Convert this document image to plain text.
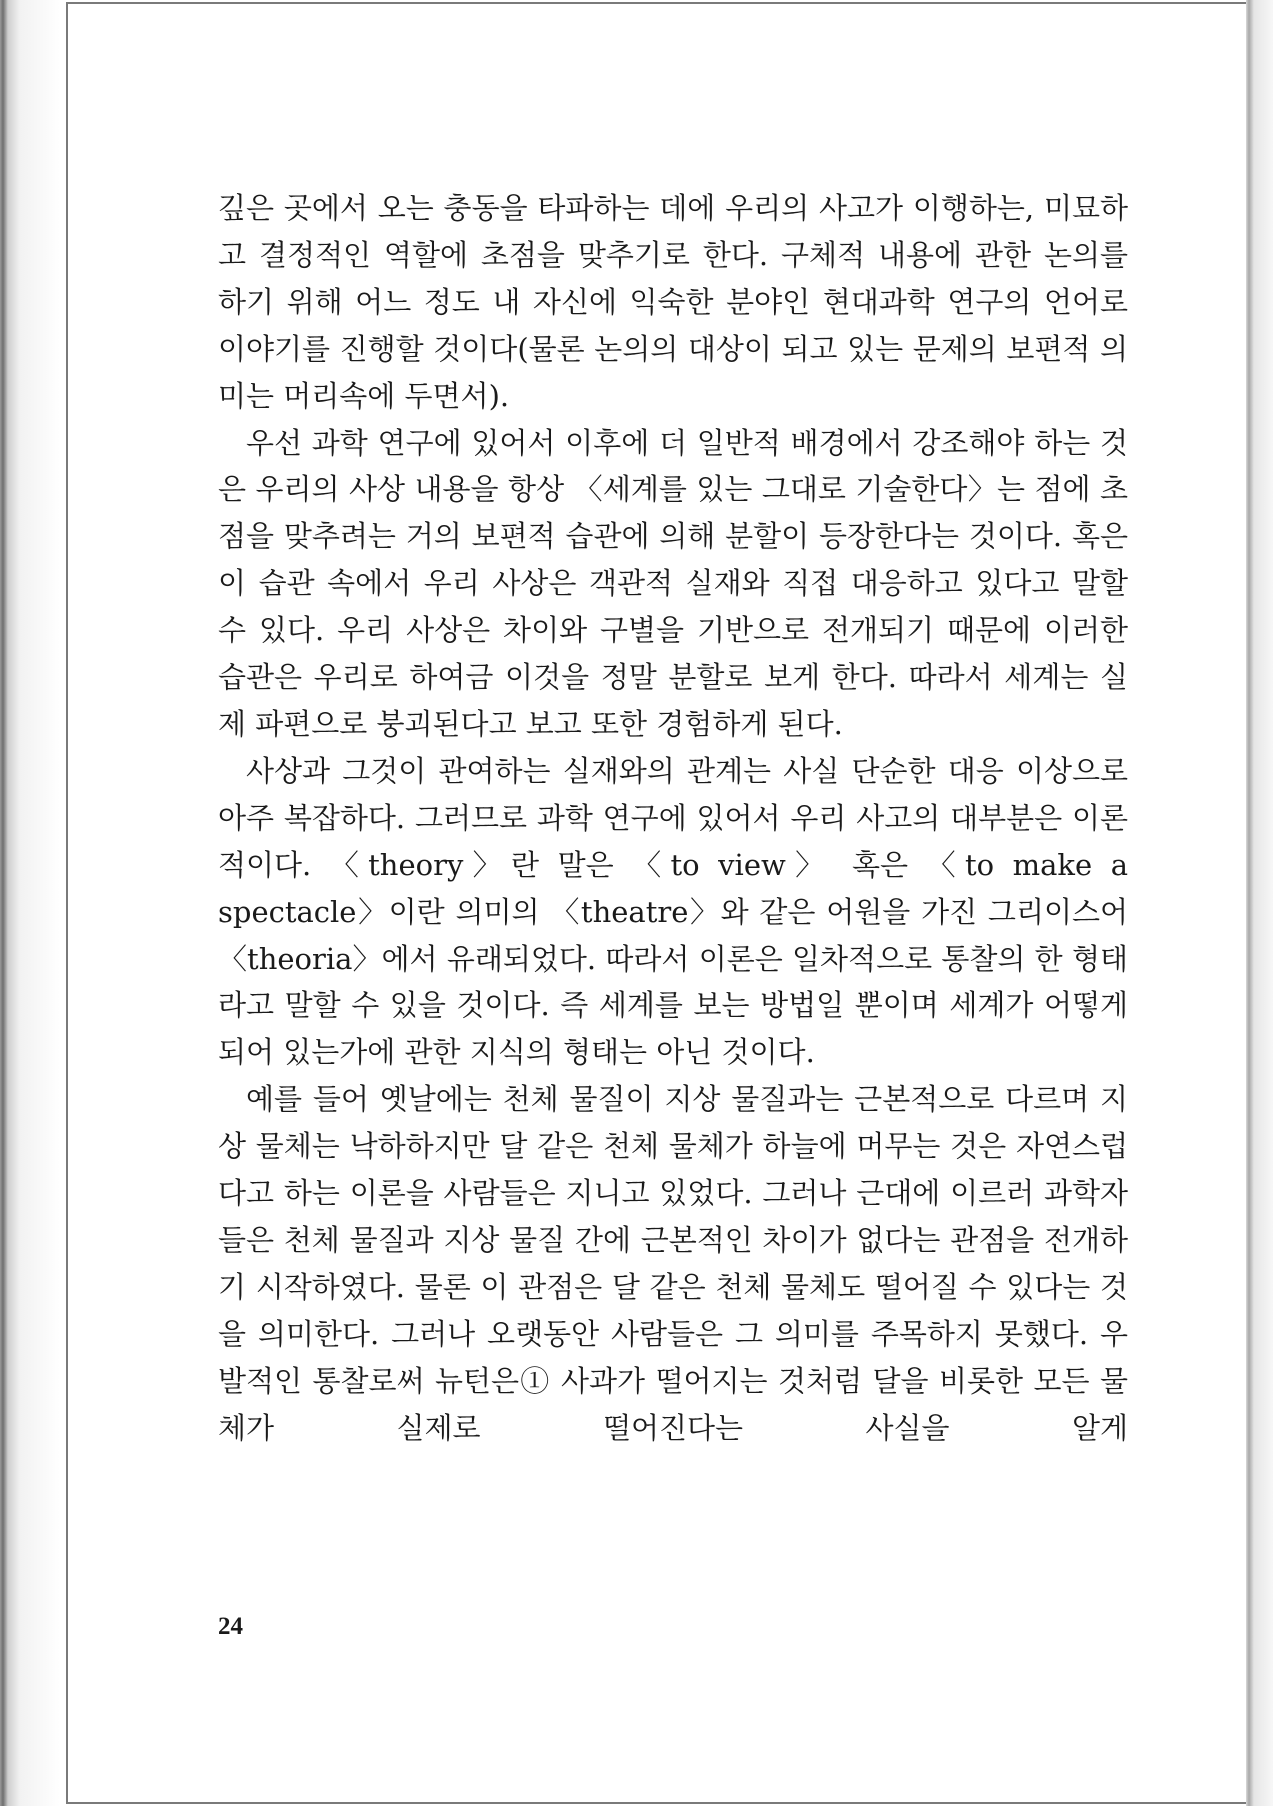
깊은 곳에서 오는 충동을 타파하는 데에 우리의 사고가 이행하는, 미묘하고 결정적인 역할에 초점을 맞추기로 한다. 구체적 내용에 관한 논의를 하기 위해 어느 정도 내 자신에 익숙한 분야인 현대과학 연구의 언어로 이야기를 진행할 것이다(물론 논의의 대상이 되고 있는 문제의 보편적 의미는 머리속에 두면서).

우선 과학 연구에 있어서 이후에 더 일반적 배경에서 강조해야 하는 것은 우리의 사상 내용을 항상 〈세계를 있는 그대로 기술한다〉는 점에 초점을 맞추려는 거의 보편적 습관에 의해 분할이 등장한다는 것이다. 혹은 이 습관 속에서 우리 사상은 객관적 실재와 직접 대응하고 있다고 말할 수 있다. 우리 사상은 차이와 구별을 기반으로 전개되기 때문에 이러한 습관은 우리로 하여금 이것을 정말 분할로 보게 한다. 따라서 세계는 실제 파편으로 붕괴된다고 보고 또한 경험하게 된다.

사상과 그것이 관여하는 실재와의 관계는 사실 단순한 대응 이상으로 아주 복잡하다. 그러므로 과학 연구에 있어서 우리 사고의 대부분은 이론적이다. 〈theory〉란 말은 〈to view〉 혹은 〈to make a spectacle〉이란 의미의 〈theatre〉와 같은 어원을 가진 그리이스어 〈theoria〉에서 유래되었다. 따라서 이론은 일차적으로 통찰의 한 형태라고 말할 수 있을 것이다. 즉 세계를 보는 방법일 뿐이며 세계가 어떻게 되어 있는가에 관한 지식의 형태는 아닌 것이다.

예를 들어 옛날에는 천체 물질이 지상 물질과는 근본적으로 다르며 지상 물체는 낙하하지만 달 같은 천체 물체가 하늘에 머무는 것은 자연스럽다고 하는 이론을 사람들은 지니고 있었다. 그러나 근대에 이르러 과학자들은 천체 물질과 지상 물질 간에 근본적인 차이가 없다는 관점을 전개하기 시작하였다. 물론 이 관점은 달 같은 천체 물체도 떨어질 수 있다는 것을 의미한다. 그러나 오랫동안 사람들은 그 의미를 주목하지 못했다. 우발적인 통찰로써 뉴턴은① 사과가 떨어지는 것처럼 달을 비롯한 모든 물체가 실제로 떨어진다는 사실을 알게

24
